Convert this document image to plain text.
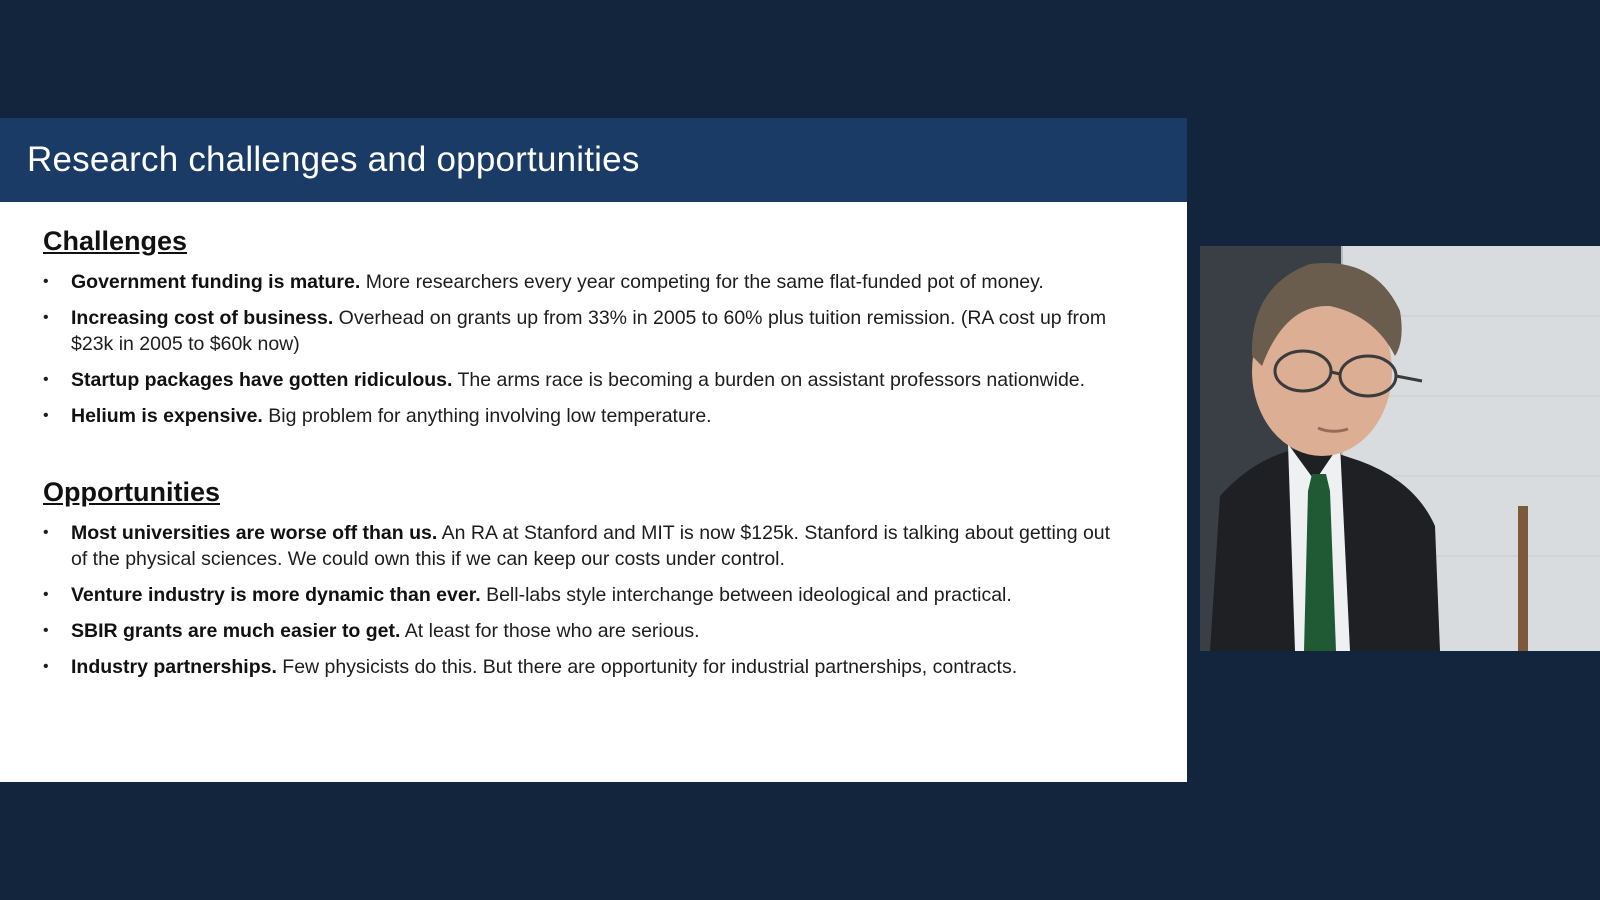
Research challenges and opportunities
Challenges
• Government funding is mature. More researchers every year competing for the same flat-funded pot of money.
• Increasing cost of business. Overhead on grants up from 33% in 2005 to 60% plus tuition remission. (RA cost up from $23k in 2005 to $60k now)
• Startup packages have gotten ridiculous. The arms race is becoming a burden on assistant professors nationwide.
• Helium is expensive. Big problem for anything involving low temperature.
Opportunities
• Most universities are worse off than us. An RA at Stanford and MIT is now $125k. Stanford is talking about getting out of the physical sciences. We could own this if we can keep our costs under control.
• Venture industry is more dynamic than ever. Bell-labs style interchange between ideological and practical.
• SBIR grants are much easier to get. At least for those who are serious.
• Industry partnerships. Few physicists do this. But there are opportunity for industrial partnerships, contracts.
